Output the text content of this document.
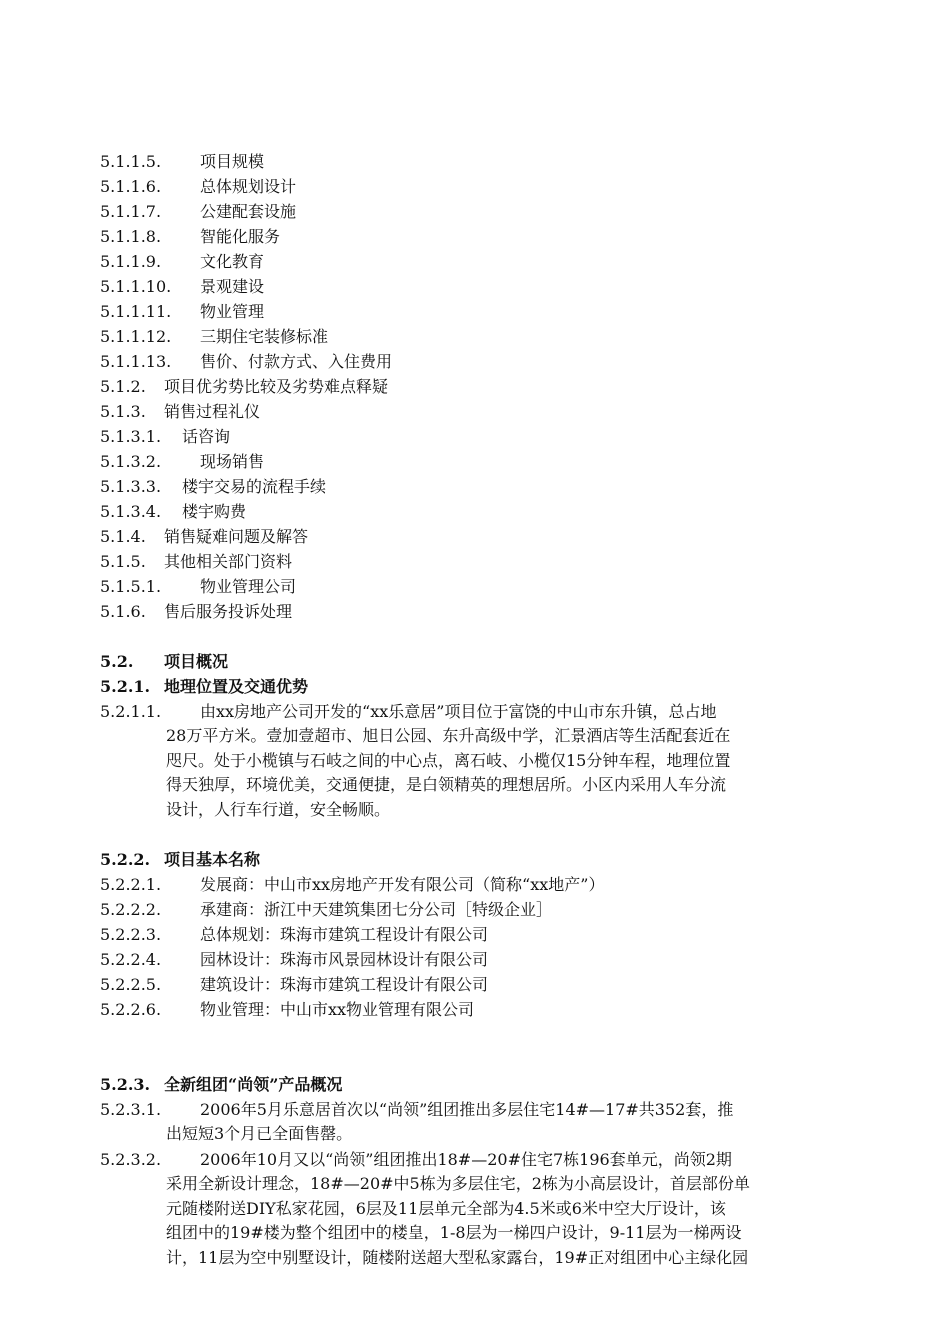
5.1.1.5. 项目规模
5.1.1.6. 总体规划设计
5.1.1.7. 公建配套设施
5.1.1.8. 智能化服务
5.1.1.9. 文化教育
5.1.1.10. 景观建设
5.1.1.11. 物业管理
5.1.1.12. 三期住宅装修标准
5.1.1.13. 售价、付款方式、入住费用
5.1.2. 项目优劣势比较及劣势难点释疑
5.1.3. 销售过程礼仪
5.1.3.1. 话咨询
5.1.3.2. 现场销售
5.1.3.3. 楼宇交易的流程手续
5.1.3.4. 楼宇购费
5.1.4. 销售疑难问题及解答
5.1.5. 其他相关部门资料
5.1.5.1. 物业管理公司
5.1.6. 售后服务投诉处理
5.2. 项目概况
5.2.1. 地理位置及交通优势
5.2.1.1. 由xx房地产公司开发的“xx乐意居”项目位于富饶的中山市东升镇，总占地
28万平方米。壹加壹超市、旭日公园、东升高级中学，汇景酒店等生活配套近在
咫尺。处于小榄镇与石岐之间的中心点，离石岐、小榄仅15分钟车程，地理位置
得天独厚，环境优美，交通便捷，是白领精英的理想居所。小区内采用人车分流
设计，人行车行道，安全畅顺。
5.2.2. 项目基本名称
5.2.2.1. 发展商：中山市xx房地产开发有限公司（简称“xx地产”）
5.2.2.2. 承建商：浙江中天建筑集团七分公司［特级企业］
5.2.2.3. 总体规划：珠海市建筑工程设计有限公司
5.2.2.4. 园林设计：珠海市风景园林设计有限公司
5.2.2.5. 建筑设计：珠海市建筑工程设计有限公司
5.2.2.6. 物业管理：中山市xx物业管理有限公司
5.2.3. 全新组团“尚领”产品概况
5.2.3.1. 2006年5月乐意居首次以“尚领”组团推出多层住宅14#—17#共352套，推
出短短3个月已全面售罄。
5.2.3.2. 2006年10月又以“尚领”组团推出18#—20#住宅7栋196套单元，尚领2期
采用全新设计理念，18#—20#中5栋为多层住宅，2栋为小高层设计，首层部份单
元随楼附送DIY私家花园，6层及11层单元全部为4.5米或6米中空大厅设计，该
组团中的19#楼为整个组团中的楼皇，1-8层为一梯四户设计，9-11层为一梯两设
计，11层为空中别墅设计，随楼附送超大型私家露台，19#正对组团中心主绿化园
